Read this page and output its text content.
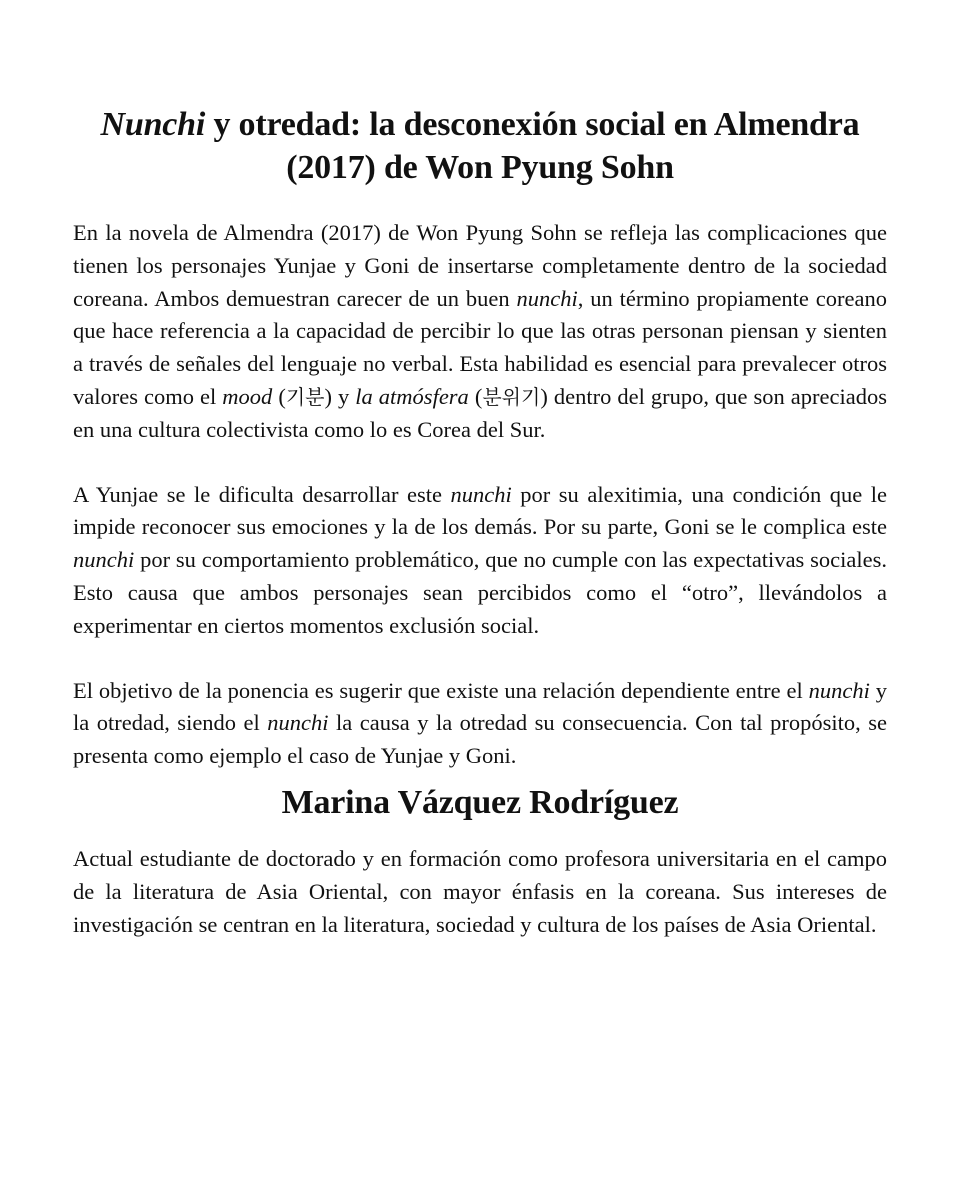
Nunchi y otredad: la desconexión social en Almendra
(2017) de Won Pyung Sohn

En la novela de Almendra (2017) de Won Pyung Sohn se refleja las complicaciones que tienen los personajes Yunjae y Goni de insertarse completamente dentro de la sociedad coreana. Ambos demuestran carecer de un buen nunchi, un término propiamente coreano que hace referencia a la capacidad de percibir lo que las otras personan piensan y sienten a través de señales del lenguaje no verbal. Esta habilidad es esencial para prevalecer otros valores como el mood (기분) y la atmósfera (분위기) dentro del grupo, que son apreciados en una cultura colectivista como lo es Corea del Sur.

A Yunjae se le dificulta desarrollar este nunchi por su alexitimia, una condición que le impide reconocer sus emociones y la de los demás. Por su parte, Goni se le complica este nunchi por su comportamiento problemático, que no cumple con las expectativas sociales. Esto causa que ambos personajes sean percibidos como el “otro”, llevándolos a experimentar en ciertos momentos exclusión social.

El objetivo de la ponencia es sugerir que existe una relación dependiente entre el nunchi y la otredad, siendo el nunchi la causa y la otredad su consecuencia. Con tal propósito, se presenta como ejemplo el caso de Yunjae y Goni.

Marina Vázquez Rodríguez

Actual estudiante de doctorado y en formación como profesora universitaria en el campo de la literatura de Asia Oriental, con mayor énfasis en la coreana. Sus intereses de investigación se centran en la literatura, sociedad y cultura de los países de Asia Oriental.
